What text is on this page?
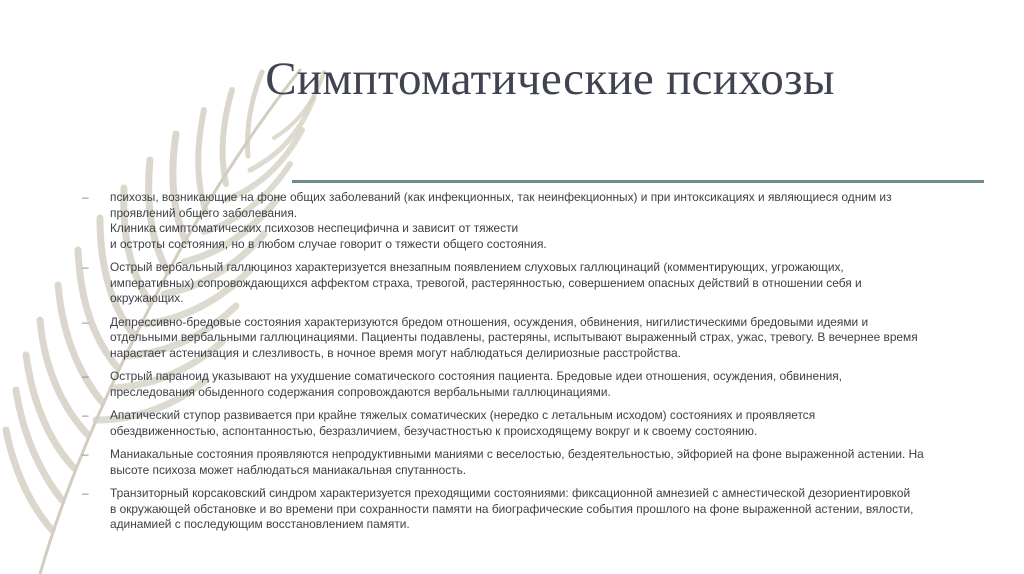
Симптоматические психозы
– психозы, возникающие на фоне общих заболеваний (как инфекционных, так неинфекционных) и при интоксикациях и являющиеся одним из
проявлений общего заболевания.
Клиника симптоматических психозов неспецифична и зависит от тяжести
и остроты состояния, но в любом случае говорит о тяжести общего состояния.
– Острый вербальный галлюциноз характеризуется внезапным появлением слуховых галлюцинаций (комментирующих, угрожающих,
императивных) сопровождающихся аффектом страха, тревогой, растерянностью, совершением опасных действий в отношении себя и
окружающих.
– Депрессивно-бредовые состояния характеризуются бредом отношения, осуждения, обвинения, нигилистическими бредовыми идеями и
отдельными вербальными галлюцинациями. Пациенты подавлены, растеряны, испытывают выраженный страх, ужас, тревогу. В вечернее время
нарастает астенизация и слезливость, в ночное время могут наблюдаться делириозные расстройства.
– Острый параноид указывают на ухудшение соматического состояния пациента. Бредовые идеи отношения, осуждения, обвинения,
преследования обыденного содержания сопровождаются вербальными галлюцинациями.
– Апатический ступор развивается при крайне тяжелых соматических (нередко с летальным исходом) состояниях и проявляется
обездвиженностью, аспонтанностью, безразличием, безучастностью к происходящему вокруг и к своему состоянию.
– Маниакальные состояния проявляются непродуктивными маниями с веселостью, бездеятельностью, эйфорией на фоне выраженной астении. На
высоте психоза может наблюдаться маниакальная спутанность.
– Транзиторный корсаковский синдром характеризуется преходящими состояниями: фиксационной амнезией с амнестической дезориентировкой
в окружающей обстановке и во времени при сохранности памяти на биографические события прошлого на фоне выраженной астении, вялости,
адинамией с последующим восстановлением памяти.
